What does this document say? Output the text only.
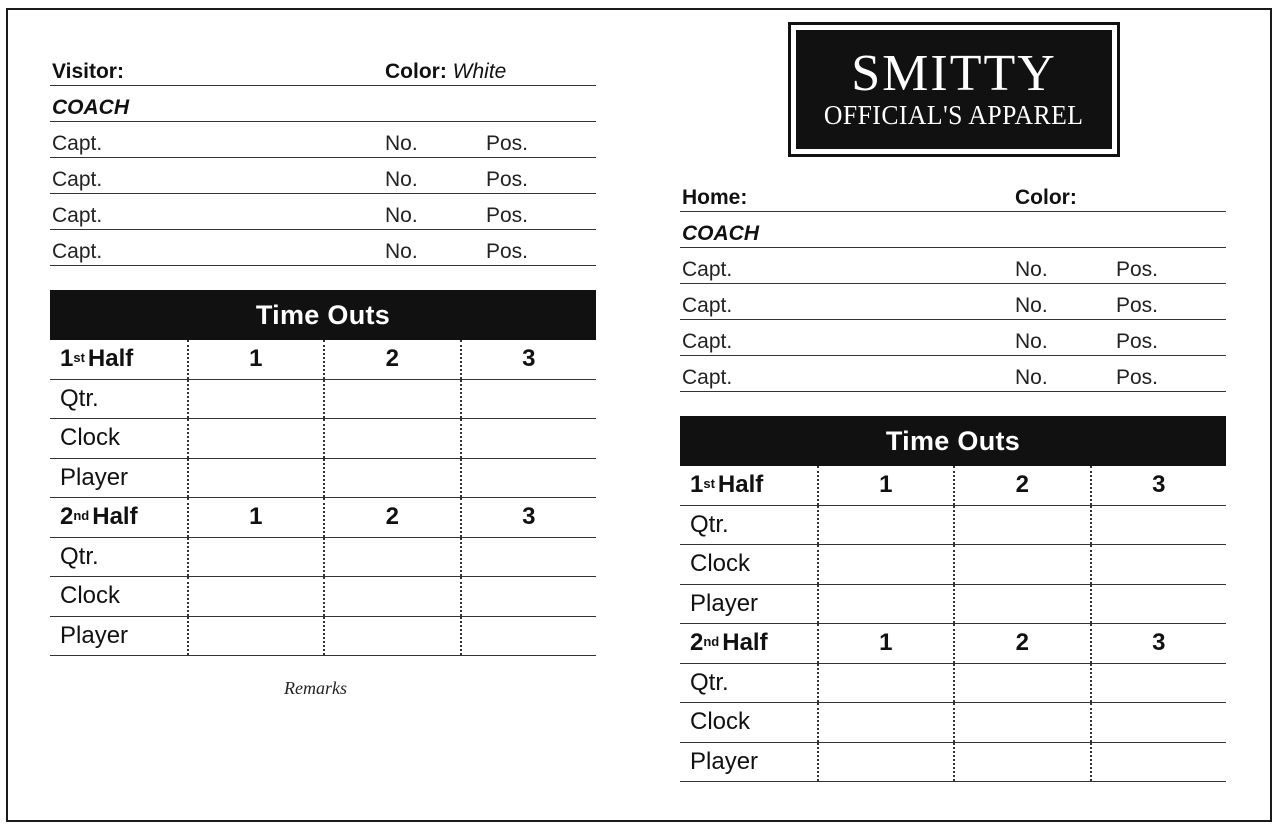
Visitor:	Color: White
COACH
Capt.	No.	Pos.
Capt.	No.	Pos.
Capt.	No.	Pos.
Capt.	No.	Pos.
Time Outs
1st Half	1	2	3
Qtr.
Clock
Player
2nd Half	1	2	3
Qtr.
Clock
Player
Remarks
SMITTY
OFFICIAL'S APPAREL
Home:	Color:
COACH
Capt.	No.	Pos.
Capt.	No.	Pos.
Capt.	No.	Pos.
Capt.	No.	Pos.
Time Outs
1st Half	1	2	3
Qtr.
Clock
Player
2nd Half	1	2	3
Qtr.
Clock
Player
